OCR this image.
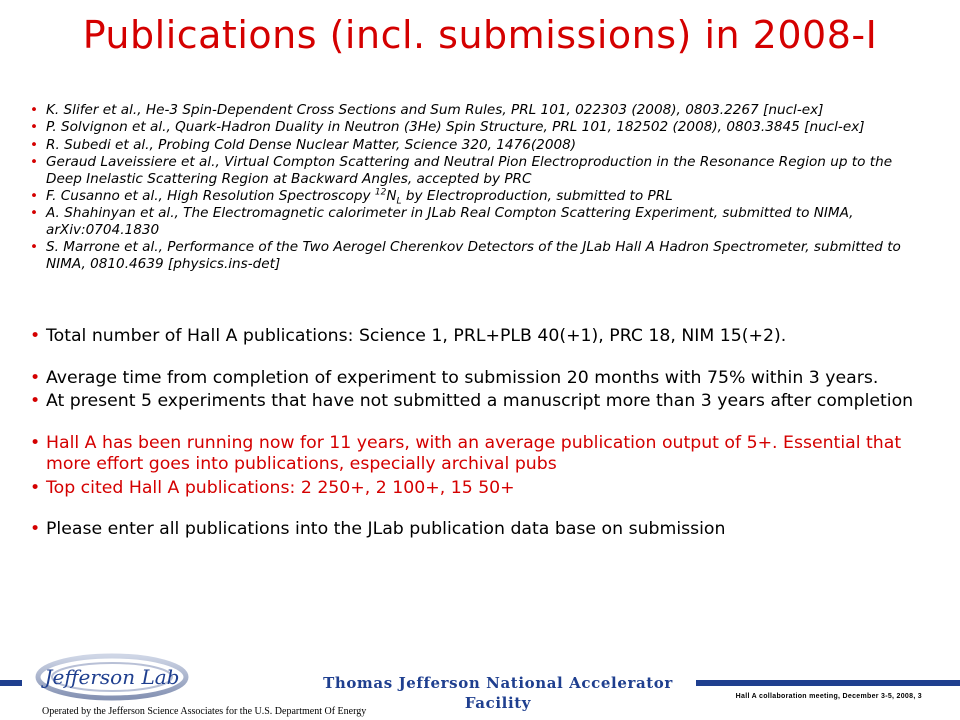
Publications (incl. submissions) in 2008-I
• K. Slifer et al., He-3 Spin-Dependent Cross Sections and Sum Rules, PRL 101, 022303 (2008), 0803.2267 [nucl-ex]
• P. Solvignon et al., Quark-Hadron Duality in Neutron (3He) Spin Structure, PRL 101, 182502 (2008), 0803.3845 [nucl-ex]
• R. Subedi et al., Probing Cold Dense Nuclear Matter, Science 320, 1476(2008)
• Geraud Laveissiere et al., Virtual Compton Scattering and Neutral Pion Electroproduction in the Resonance Region up to the Deep Inelastic Scattering Region at Backward Angles, accepted by PRC
• F. Cusanno et al., High Resolution Spectroscopy $^{12}N_L$ by Electroproduction, submitted to PRL
• A. Shahinyan et al., The Electromagnetic calorimeter in JLab Real Compton Scattering Experiment, submitted to NIMA, arXiv:0704.1830
• S. Marrone et al., Performance of the Two Aerogel Cherenkov Detectors of the JLab Hall A Hadron Spectrometer, submitted to NIMA, 0810.4639 [physics.ins-det]
• Total number of Hall A publications: Science 1, PRL+PLB 40(+1), PRC 18, NIM 15(+2).
• Average time from completion of experiment to submission 20 months with 75% within 3 years.
• At present 5 experiments that have not submitted a manuscript more than 3 years after completion
• Hall A has been running now for 11 years, with an average publication output of 5+. Essential that more effort goes into publications, especially archival pubs
• Top cited Hall A publications: 2 250+, 2 100+, 15 50+
• Please enter all publications into the JLab publication data base on submission
Jefferson Lab	Thomas Jefferson National Accelerator Facility
Operated by the Jefferson Science Associates for the U.S. Department Of Energy
Hall A collaboration meeting, December 3-5, 2008, 3
